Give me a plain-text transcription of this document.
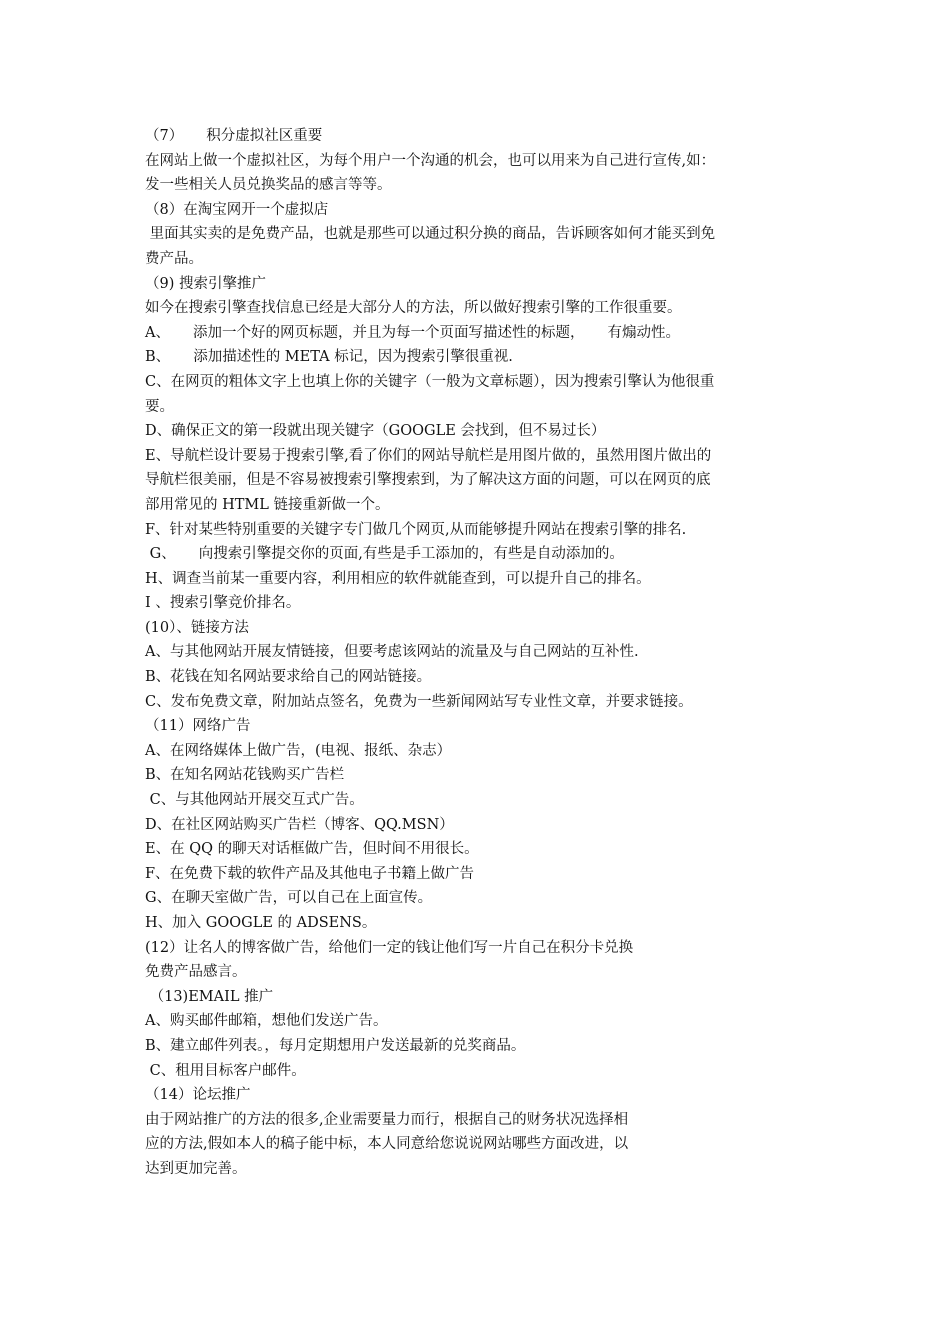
（7）     积分虚拟社区重要
在网站上做一个虚拟社区，为每个用户一个沟通的机会，也可以用来为自己进行宣传,如：
发一些相关人员兑换奖品的感言等等。
（8）在淘宝网开一个虚拟店
里面其实卖的是免费产品，也就是那些可以通过积分换的商品，告诉顾客如何才能买到免
费产品。
（9) 搜索引擎推广
如今在搜索引擎查找信息已经是大部分人的方法，所以做好搜索引擎的工作很重要。
A、     添加一个好的网页标题，并且为每一个页面写描述性的标题，     有煽动性。
B、     添加描述性的 META 标记，因为搜索引擎很重视.
C、在网页的粗体文字上也填上你的关键字（一般为文章标题），因为搜索引擎认为他很重
要。
D、确保正文的第一段就出现关键字（GOOGLE 会找到，但不易过长）
E、导航栏设计要易于搜索引擎,看了你们的网站导航栏是用图片做的，虽然用图片做出的
导航栏很美丽，但是不容易被搜索引擎搜索到，为了解决这方面的问题，可以在网页的底
部用常见的 HTML 链接重新做一个。
F、针对某些特别重要的关键字专门做几个网页,从而能够提升网站在搜索引擎的排名.
G、     向搜索引擎提交你的页面,有些是手工添加的，有些是自动添加的。
H、调查当前某一重要内容，利用相应的软件就能查到，可以提升自己的排名。
I 、搜索引擎竞价排名。
(10）、链接方法
A、与其他网站开展友情链接，但要考虑该网站的流量及与自己网站的互补性.
B、花钱在知名网站要求给自己的网站链接。
C、发布免费文章，附加站点签名，免费为一些新闻网站写专业性文章，并要求链接。
（11）网络广告
A、在网络媒体上做广告，(电视、报纸、杂志）
B、在知名网站花钱购买广告栏
C、与其他网站开展交互式广告。
D、在社区网站购买广告栏（博客、QQ.MSN）
E、在 QQ 的聊天对话框做广告，但时间不用很长。
F、在免费下载的软件产品及其他电子书籍上做广告
G、在聊天室做广告，可以自己在上面宣传。
H、加入 GOOGLE 的 ADSENS。
(12）让名人的博客做广告，给他们一定的钱让他们写一片自己在积分卡兑换
免费产品感言。
（13)EMAIL 推广
A、购买邮件邮箱，想他们发送广告。
B、建立邮件列表。，每月定期想用户发送最新的兑奖商品。
C、租用目标客户邮件。
（14）论坛推广
由于网站推广的方法的很多,企业需要量力而行，根据自己的财务状况选择相
应的方法,假如本人的稿子能中标，本人同意给您说说网站哪些方面改进，以
达到更加完善。
